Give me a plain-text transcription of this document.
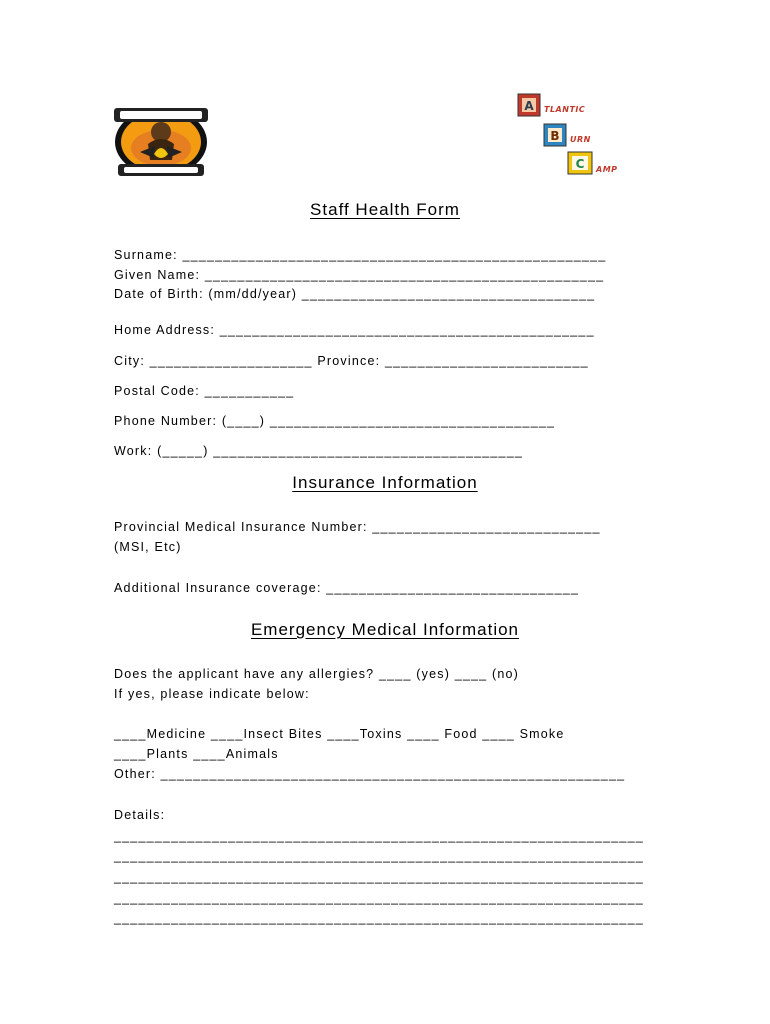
A TLANTIC
B URN
C AMP
Staff Health Form
Surname: ____________________________________________________
Given Name: _________________________________________________
Date of Birth: (mm/dd/year) ____________________________________
Home Address: ______________________________________________
City: ____________________ Province: _________________________
Postal Code: ___________
Phone Number: (____) ___________________________________
Work: (_____) ______________________________________
Insurance Information
Provincial Medical Insurance Number: ____________________________
(MSI, Etc)
Additional Insurance coverage: _______________________________
Emergency Medical Information
Does the applicant have any allergies? ____ (yes) ____ (no)
If yes, please indicate below:
____Medicine ____Insect Bites ____Toxins ____ Food ____ Smoke
____Plants ____Animals
Other: _________________________________________________________
Details:
_________________________________________________________________
_________________________________________________________________
_________________________________________________________________
_________________________________________________________________
_________________________________________________________________
